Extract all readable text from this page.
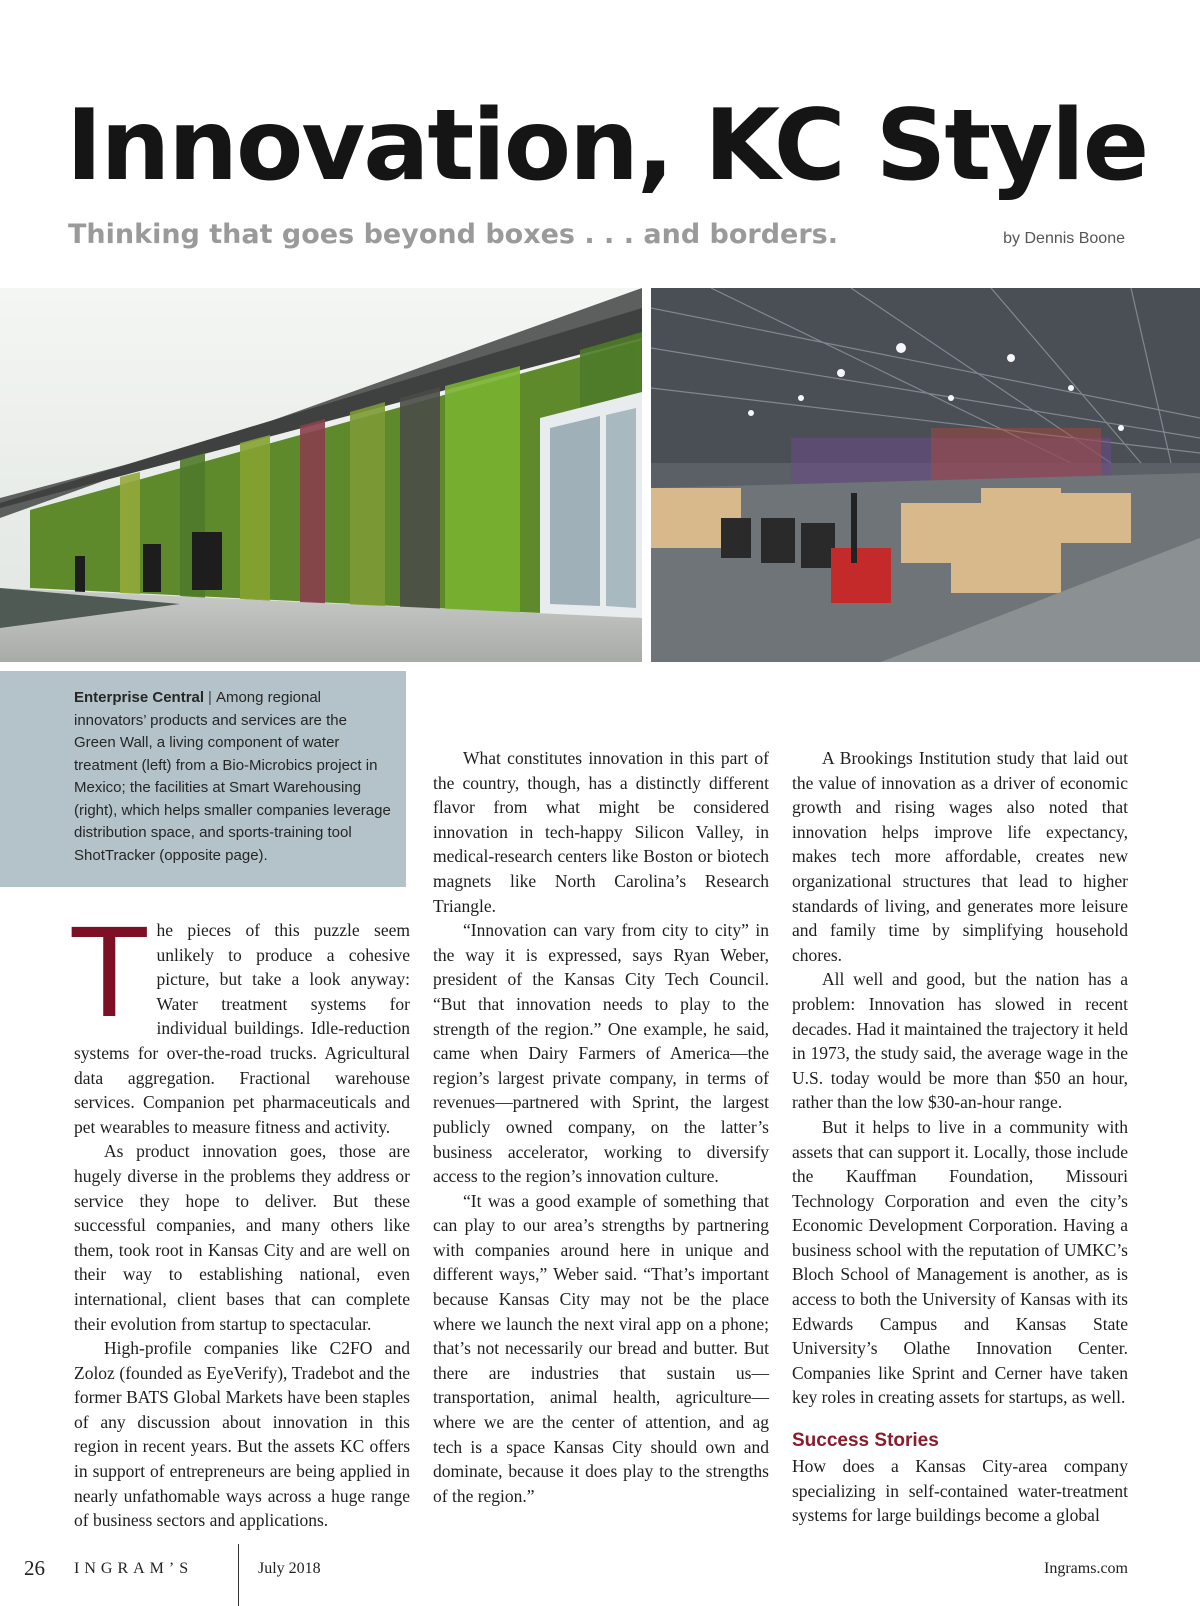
Innovation, KC Style
Thinking that goes beyond boxes . . . and borders.	by Dennis Boone
Enterprise Central | Among regional innovators’ products and services are the Green Wall, a living component of water treatment (left) from a Bio-Microbics project in Mexico; the facilities at Smart Warehousing (right), which helps smaller companies leverage distribution space, and sports-training tool ShotTracker (opposite page).
T he pieces of this puzzle seem unlikely to produce a cohesive picture, but take a look anyway: Water treatment systems for individual buildings. Idle-reduction systems for over-the-road trucks. Agricultural data aggregation. Fractional warehouse services. Companion pet pharmaceuticals and pet wearables to measure fitness and activity.

As product innovation goes, those are hugely diverse in the problems they address or service they hope to deliver. But these successful companies, and many others like them, took root in Kansas City and are well on their way to establishing national, even international, client bases that can complete their evolution from startup to spectacular.

High-profile companies like C2FO and Zoloz (founded as EyeVerify), Tradebot and the former BATS Global Markets have been staples of any discussion about innovation in this region in recent years. But the assets KC offers in support of entrepreneurs are being applied in nearly unfathomable ways across a huge range of business sectors and applications.

What constitutes innovation in this part of the country, though, has a distinctly different flavor from what might be considered innovation in tech-happy Silicon Valley, in medical-research centers like Boston or biotech magnets like North Carolina’s Research Triangle.

“Innovation can vary from city to city” in the way it is expressed, says Ryan Weber, president of the Kansas City Tech Council. “But that innovation needs to play to the strength of the region.” One example, he said, came when Dairy Farmers of America—the region’s largest private company, in terms of revenues—partnered with Sprint, the largest publicly owned company, on the latter’s business accelerator, working to diversify access to the region’s innovation culture.

“It was a good example of something that can play to our area’s strengths by partnering with companies around here in unique and different ways,” Weber said. “That’s important because Kansas City may not be the place where we launch the next viral app on a phone; that’s not necessarily our bread and butter. But there are industries that sustain us—transportation, animal health, agriculture—where we are the center of attention, and ag tech is a space Kansas City should own and dominate, because it does play to the strengths of the region.”

A Brookings Institution study that laid out the value of innovation as a driver of economic growth and rising wages also noted that innovation helps improve life expectancy, makes tech more affordable, creates new organizational structures that lead to higher standards of living, and generates more leisure and family time by simplifying household chores.

All well and good, but the nation has a problem: Innovation has slowed in recent decades. Had it maintained the trajectory it held in 1973, the study said, the average wage in the U.S. today would be more than $50 an hour, rather than the low $30-an-hour range.

But it helps to live in a community with assets that can support it. Locally, those include the Kauffman Foundation, Missouri Technology Corporation and even the city’s Economic Development Corporation. Having a business school with the reputation of UMKC’s Bloch School of Management is another, as is access to both the University of Kansas with its Edwards Campus and Kansas State University’s Olathe Innovation Center. Companies like Sprint and Cerner have taken key roles in creating assets for startups, as well.

Success Stories

How does a Kansas City-area company specializing in self-contained water-treatment systems for large buildings become a global

26 INGRAM’S	July 2018	Ingrams.com
